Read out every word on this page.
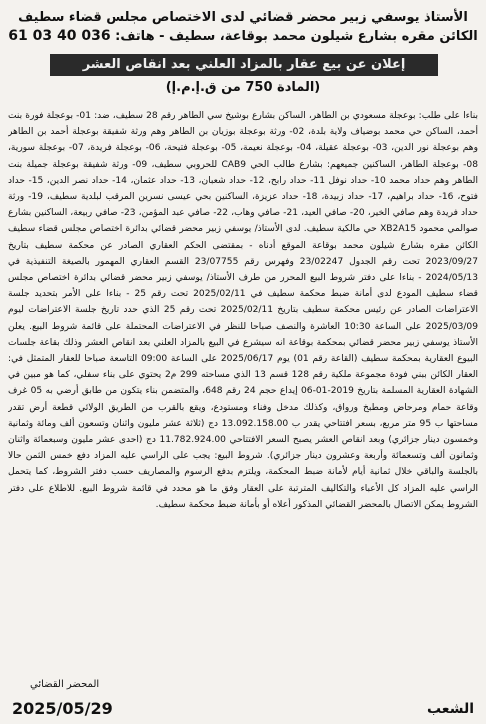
الأستاذ يوسفي زبير محضر قضائي لدى الاختصاص مجلس قضاء سطيف
الكائن مقره بشارع شيلون محمد بوقاعة، سطيف - هاتف: 036 40 03 61
إعلان عن بيع عقار بالمزاد العلني بعد انقاص العشر
(المادة 750 من ق.إ.م.إ)
بناءا على طلب: بوعجلة مسعودي بن الطاهر، الساكن بشارع بوشيخ سي الطاهر رقم 28 سطيف، ضد: 01- بوعجلة فورة بنت أحمد، الساكن حي محمد بوضياف ولاية بلدة، 02- ورثة بوعجلة بوزيان بن الطاهر وهم ورثة شفيقة بوعجلة أحمد بن الطاهر وهم بوعجلة نور الدين، 03- بوعجلة عقيلة، 04- بوعجلة نعيمة، 05- بوعجلة فتيحة، 06- بوعجلة فريدة، 07- بوعجلة سورية، 08- بوعجلة الطاهر، الساكنين جميعهم: بشارع طالب الحي CAB9 للحروبي سطيف، 09- ورثة شفيقة بوعجلة جميلة بنت الطاهر وهم حداد محمد 10- حداد نوفل 11- حداد رابح، 12- حداد شعبان، 13- حداد عثمان، 14- حداد نصر الدين، 15- حداد فتوح، 16- حداد براهيم، 17- حداد زبيدة، 18- حداد عزيزة، الساكنين بحي عيسى نسرين المرقب لبلدية سطيف، 19- ورثة حداد فريدة وهم صافي الخير، 20- صافي العيد، 21- صافي وهاب، 22- صافي عبد المؤمن، 23- صافي ربيعة، الساكنين بشارع صوالمي محمود XB2A15 حي مالكية سطيف. لدى الأستاذ/ يوسفي زبير محضر قضائي بدائرة اختصاص مجلس قضاء سطيف الكائن مقره بشارع شيلون محمد بوقاعة الموقع أدناه - بمقتضى الحكم العقاري الصادر عن محكمة سطيف بتاريخ 2023/09/27 تحت رقم الجدول 23/02247 وفهرس رقم 23/07755 القسم العقاري المهمور بالصيغة التنفيذية في 2024/05/13 - بناءا على دفتر شروط البيع المحرر من طرف الأستاذ/ يوسفي زبير محضر قضائي بدائرة اختصاص مجلس قضاء سطيف المودع لدى أمانة ضبط محكمة سطيف في 2025/02/11 تحت رقم 25 - بناءا على الأمر بتحديد جلسة الاعتراضات الصادر عن رئيس محكمة سطيف بتاريخ 2025/02/11 تحت رقم 25 الذي حدد تاريخ جلسة الاعتراضات ليوم 2025/03/09 على الساعة 10:30 العاشرة والنصف صباحا للنظر في الاعتراضات المحتملة على قائمة شروط البيع. يعلن الأستاذ يوسفي زبير محضر قضائي بمحكمة بوقاعة انه سيشرع في البيع بالمزاد العلني بعد انقاص العشر وذلك بقاعة جلسات البيوع العقارية بمحكمة سطيف (القاعة رقم 01) يوم 2025/06/17 على الساعة 09:00 التاسعة صباحا للعقار المتمثل في: العقار الكائن ببني فودة مجموعة ملكية رقم 128 قسم 13 الذي مساحته 299 م2 يحتوي على بناء سفلي، كما هو مبين في الشهادة العقارية المسلمة بتاريخ 2019-01-06 إيداع حجم 24 رقم 648، والمتضمن بناء يتكون من طابق أرضي به 05 غرف وقاعة حمام ومرحاض ومطبخ ورواق، وكذلك مدخل وفناء ومستودع، ويقع بالقرب من الطريق الولائي قطعة أرض تقدر مساحتها ب 95 متر مربع، بسعر افتتاحي يقدر ب 13.092.158.00 دج (ثلاثة عشر مليون واثنان وتسعون ألف ومائة وثمانية وخمسون دينار جزائري) وبعد انقاص العشر يصبح السعر الافتتاحي 11.782.924.00 دج (احدى عشر مليون وسبعمائة واثنان وثمانون ألف وتسعمائة وأربعة وعشرون دينار جزائري). شروط البيع: يجب على الراسي عليه المزاد دفع خمس الثمن حالا بالجلسة والباقي خلال ثمانية أيام لأمانة ضبط المحكمة، ويلتزم بدفع الرسوم والمصاريف حسب دفتر الشروط، كما يتحمل الراسي عليه المزاد كل الأعباء والتكاليف المترتبة على العقار وفق ما هو محدد في قائمة شروط البيع. للاطلاع على دفتر الشروط يمكن الاتصال بالمحضر القضائي المذكور أعلاه أو بأمانة ضبط محكمة سطيف.
المحضر القضائي
2025/05/29	الشعب
